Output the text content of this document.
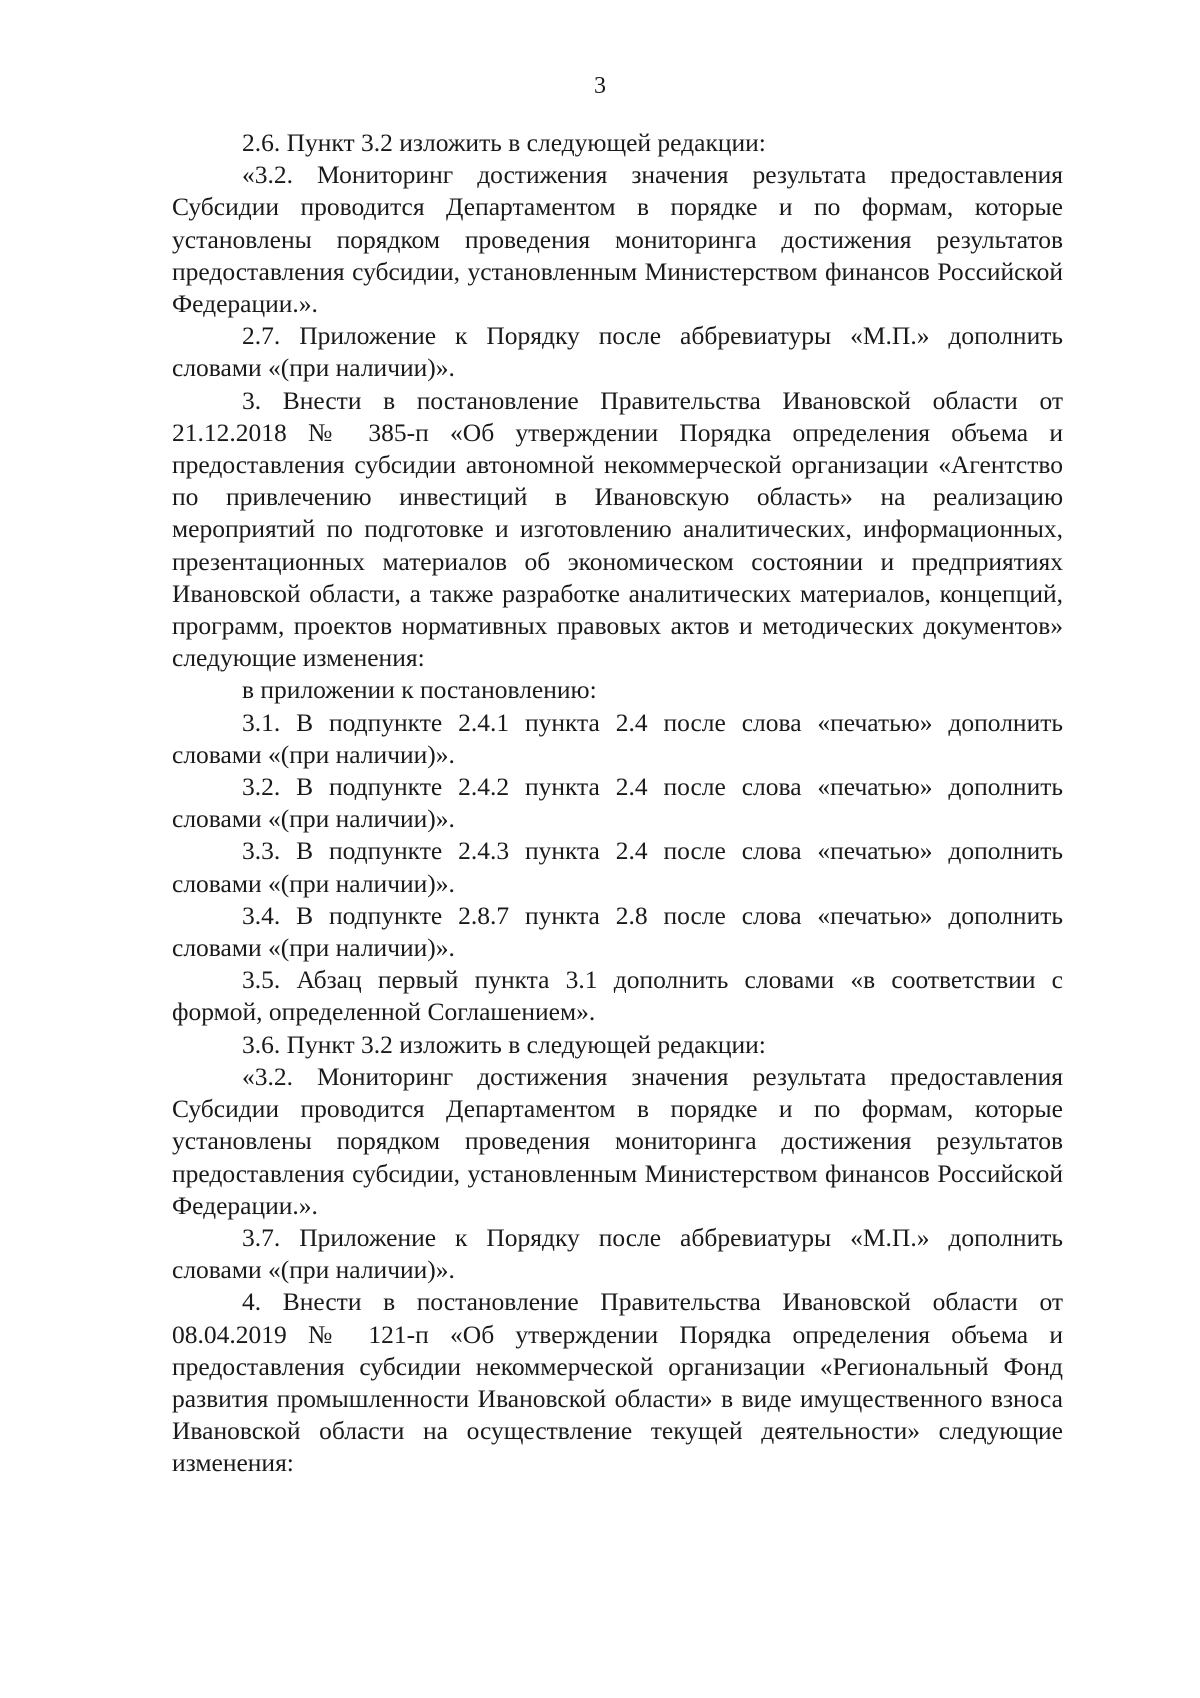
3

2.6. Пункт 3.2 изложить в следующей редакции:

«3.2. Мониторинг достижения значения результата предоставления Субсидии проводится Департаментом в порядке и по формам, которые установлены порядком проведения мониторинга достижения результатов предоставления субсидии, установленным Министерством финансов Российской Федерации.».

2.7. Приложение к Порядку после аббревиатуры «М.П.» дополнить словами «(при наличии)».

3. Внести в постановление Правительства Ивановской области от 21.12.2018 № 385-п «Об утверждении Порядка определения объема и предоставления субсидии автономной некоммерческой организации «Агентство по привлечению инвестиций в Ивановскую область» на реализацию мероприятий по подготовке и изготовлению аналитических, информационных, презентационных материалов об экономическом состоянии и предприятиях Ивановской области, а также разработке аналитических материалов, концепций, программ, проектов нормативных правовых актов и методических документов» следующие изменения:

в приложении к постановлению:

3.1. В подпункте 2.4.1 пункта 2.4 после слова «печатью» дополнить словами «(при наличии)».

3.2. В подпункте 2.4.2 пункта 2.4 после слова «печатью» дополнить словами «(при наличии)».

3.3. В подпункте 2.4.3 пункта 2.4 после слова «печатью» дополнить словами «(при наличии)».

3.4. В подпункте 2.8.7 пункта 2.8 после слова «печатью» дополнить словами «(при наличии)».

3.5. Абзац первый пункта 3.1 дополнить словами «в соответствии с формой, определенной Соглашением».

3.6. Пункт 3.2 изложить в следующей редакции:

«3.2. Мониторинг достижения значения результата предоставления Субсидии проводится Департаментом в порядке и по формам, которые установлены порядком проведения мониторинга достижения результатов предоставления субсидии, установленным Министерством финансов Российской Федерации.».

3.7. Приложение к Порядку после аббревиатуры «М.П.» дополнить словами «(при наличии)».

4. Внести в постановление Правительства Ивановской области от 08.04.2019 № 121-п «Об утверждении Порядка определения объема и предоставления субсидии некоммерческой организации «Региональный Фонд развития промышленности Ивановской области» в виде имущественного взноса Ивановской области на осуществление текущей деятельности» следующие изменения:
